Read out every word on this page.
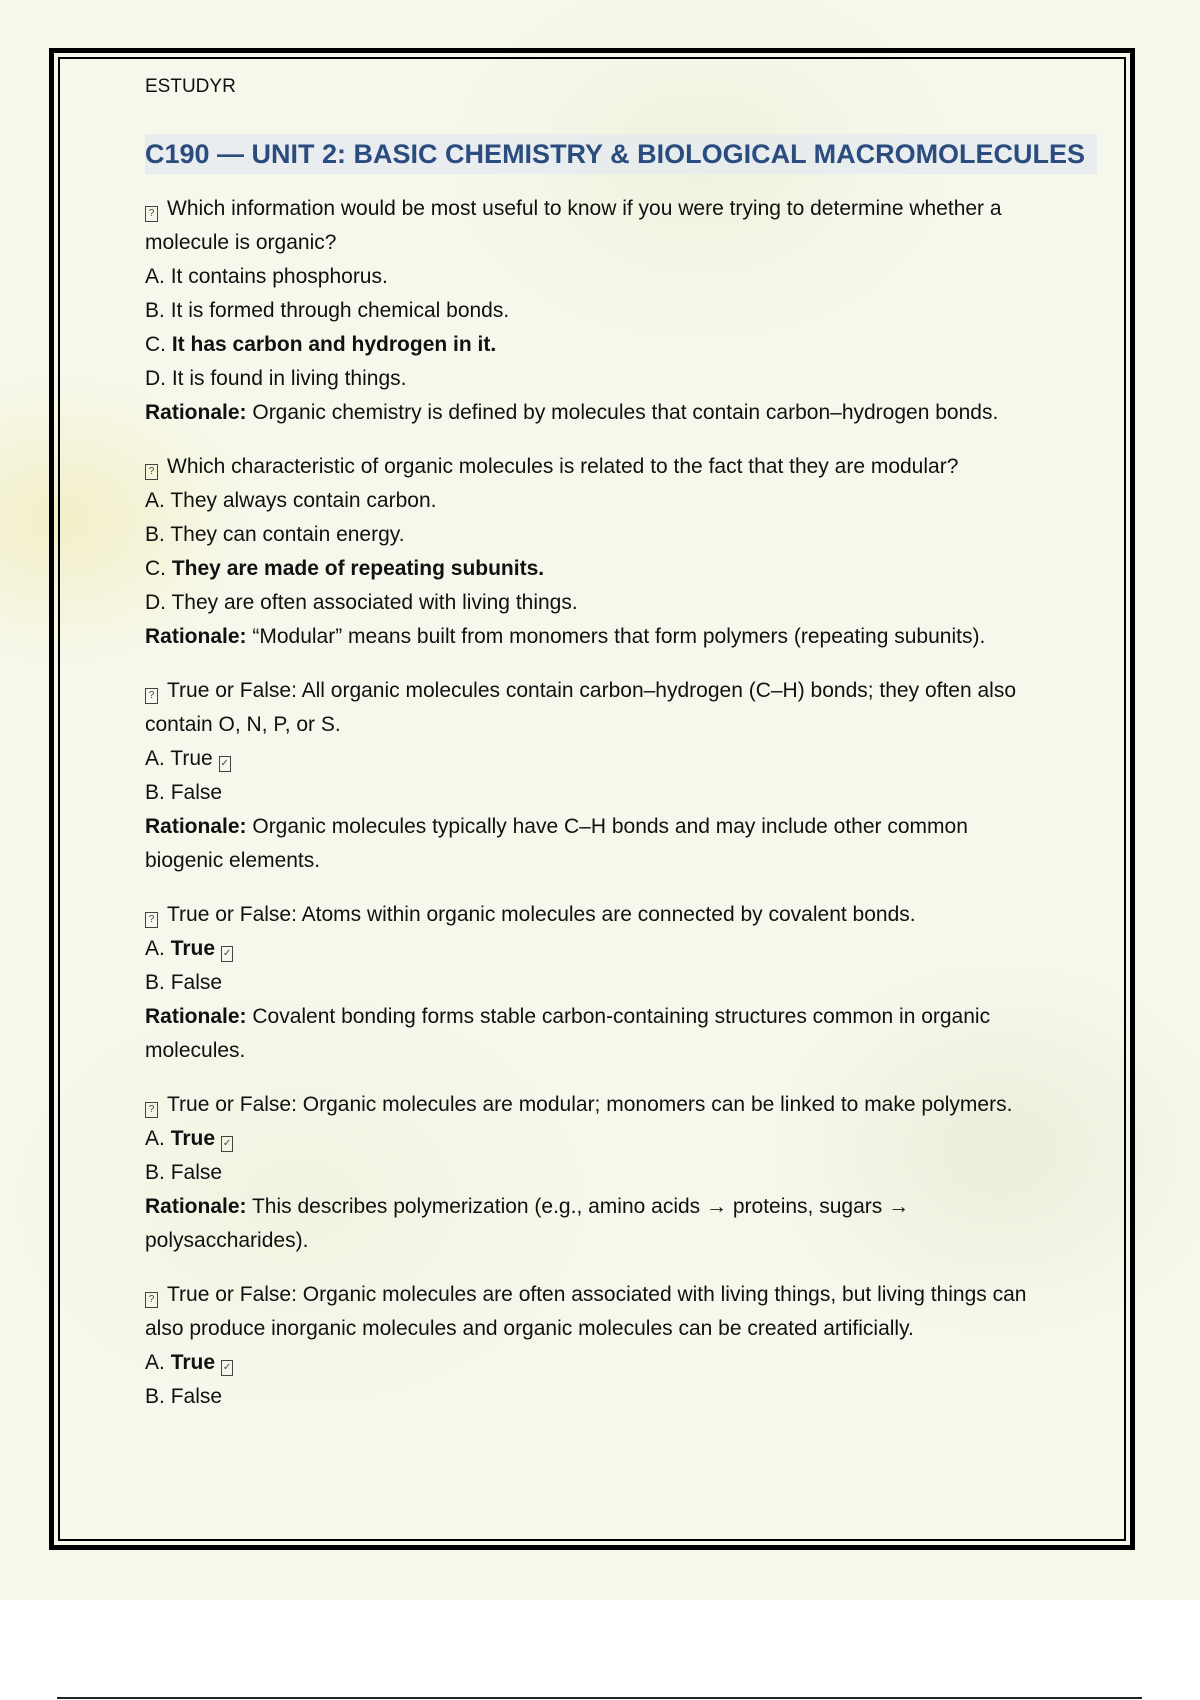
ESTUDYR
C190 — UNIT 2: BASIC CHEMISTRY & BIOLOGICAL MACROMOLECULES
? Which information would be most useful to know if you were trying to determine whether a
molecule is organic?
A. It contains phosphorus.
B. It is formed through chemical bonds.
C. It has carbon and hydrogen in it.
D. It is found in living things.
Rationale: Organic chemistry is defined by molecules that contain carbon–hydrogen bonds.
? Which characteristic of organic molecules is related to the fact that they are modular?
A. They always contain carbon.
B. They can contain energy.
C. They are made of repeating subunits.
D. They are often associated with living things.
Rationale: “Modular” means built from monomers that form polymers (repeating subunits).
? True or False: All organic molecules contain carbon–hydrogen (C–H) bonds; they often also
contain O, N, P, or S.
A. True ✓
B. False
Rationale: Organic molecules typically have C–H bonds and may include other common
biogenic elements.
? True or False: Atoms within organic molecules are connected by covalent bonds.
A. True ✓
B. False
Rationale: Covalent bonding forms stable carbon-containing structures common in organic
molecules.
? True or False: Organic molecules are modular; monomers can be linked to make polymers.
A. True ✓
B. False
Rationale: This describes polymerization (e.g., amino acids → proteins, sugars →
polysaccharides).
? True or False: Organic molecules are often associated with living things, but living things can
also produce inorganic molecules and organic molecules can be created artificially.
A. True ✓
B. False
